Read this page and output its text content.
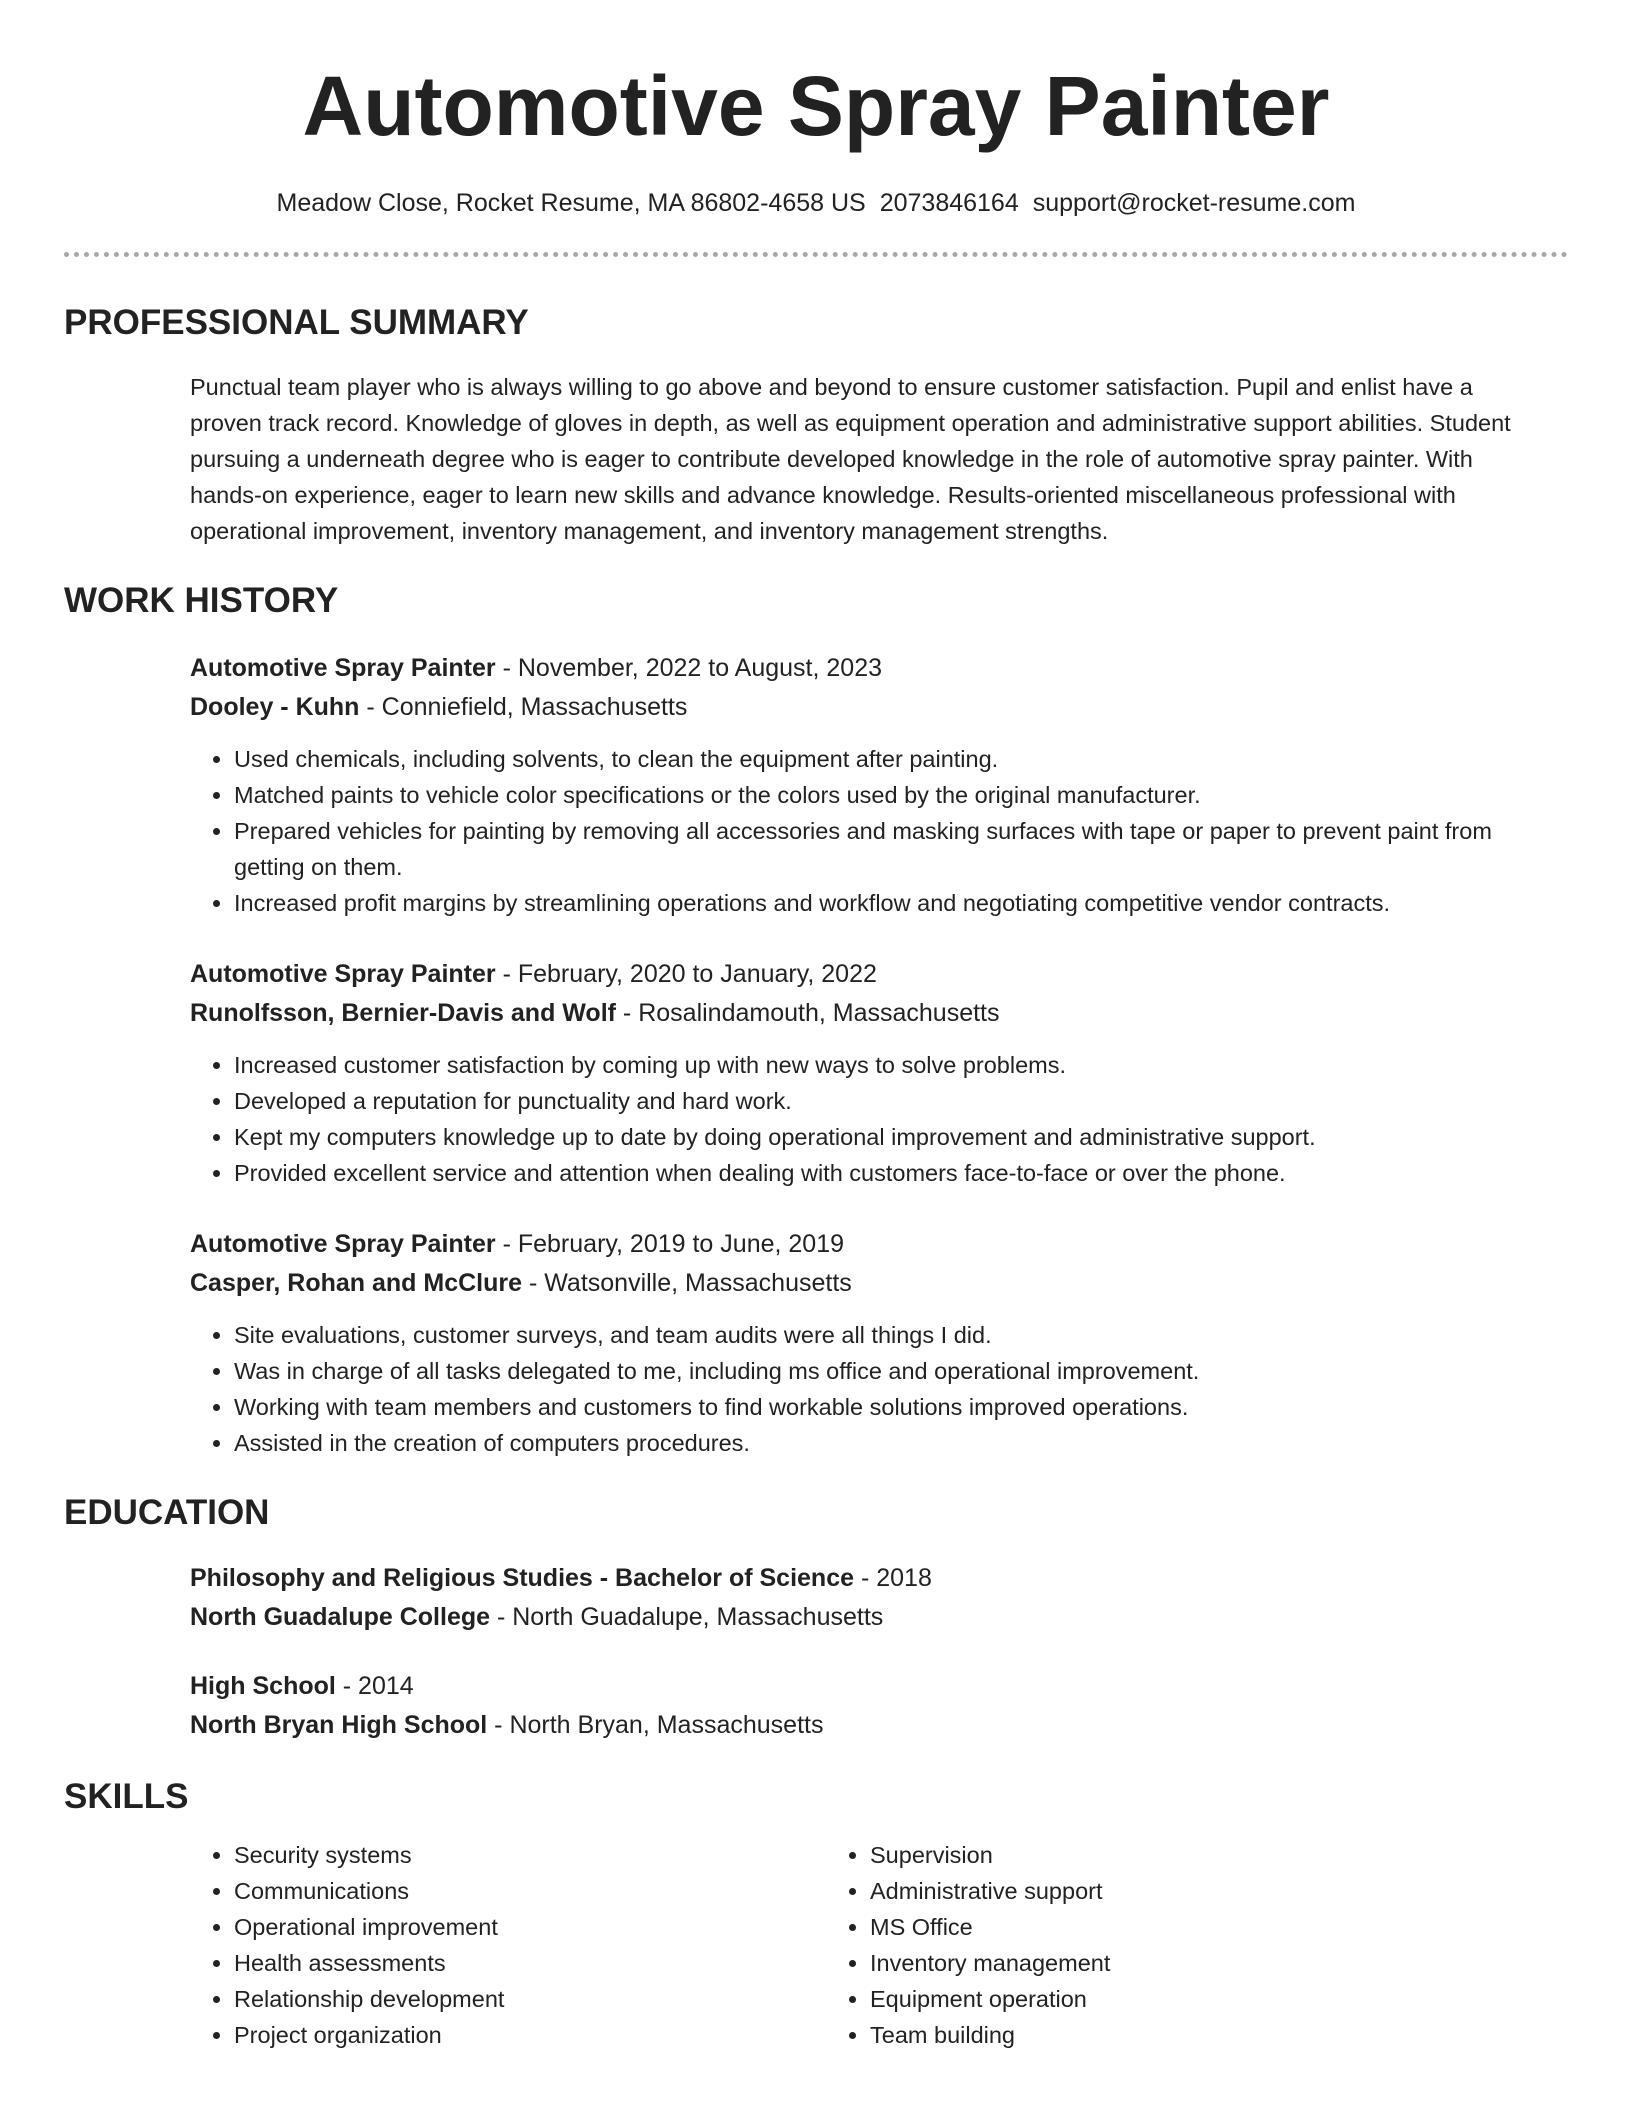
Automotive Spray Painter
Meadow Close, Rocket Resume, MA 86802-4658 US 2073846164 support@rocket-resume.com
PROFESSIONAL SUMMARY
Punctual team player who is always willing to go above and beyond to ensure customer satisfaction. Pupil and enlist have a proven track record. Knowledge of gloves in depth, as well as equipment operation and administrative support abilities. Student pursuing a underneath degree who is eager to contribute developed knowledge in the role of automotive spray painter. With hands-on experience, eager to learn new skills and advance knowledge. Results-oriented miscellaneous professional with operational improvement, inventory management, and inventory management strengths.
WORK HISTORY
Automotive Spray Painter - November, 2022 to August, 2023
Dooley - Kuhn - Conniefield, Massachusetts
• Used chemicals, including solvents, to clean the equipment after painting.
• Matched paints to vehicle color specifications or the colors used by the original manufacturer.
• Prepared vehicles for painting by removing all accessories and masking surfaces with tape or paper to prevent paint from getting on them.
• Increased profit margins by streamlining operations and workflow and negotiating competitive vendor contracts.
Automotive Spray Painter - February, 2020 to January, 2022
Runolfsson, Bernier-Davis and Wolf - Rosalindamouth, Massachusetts
• Increased customer satisfaction by coming up with new ways to solve problems.
• Developed a reputation for punctuality and hard work.
• Kept my computers knowledge up to date by doing operational improvement and administrative support.
• Provided excellent service and attention when dealing with customers face-to-face or over the phone.
Automotive Spray Painter - February, 2019 to June, 2019
Casper, Rohan and McClure - Watsonville, Massachusetts
• Site evaluations, customer surveys, and team audits were all things I did.
• Was in charge of all tasks delegated to me, including ms office and operational improvement.
• Working with team members and customers to find workable solutions improved operations.
• Assisted in the creation of computers procedures.
EDUCATION
Philosophy and Religious Studies - Bachelor of Science - 2018
North Guadalupe College - North Guadalupe, Massachusetts
High School - 2014
North Bryan High School - North Bryan, Massachusetts
SKILLS
• Security systems
• Communications
• Operational improvement
• Health assessments
• Relationship development
• Project organization
• Supervision
• Administrative support
• MS Office
• Inventory management
• Equipment operation
• Team building
